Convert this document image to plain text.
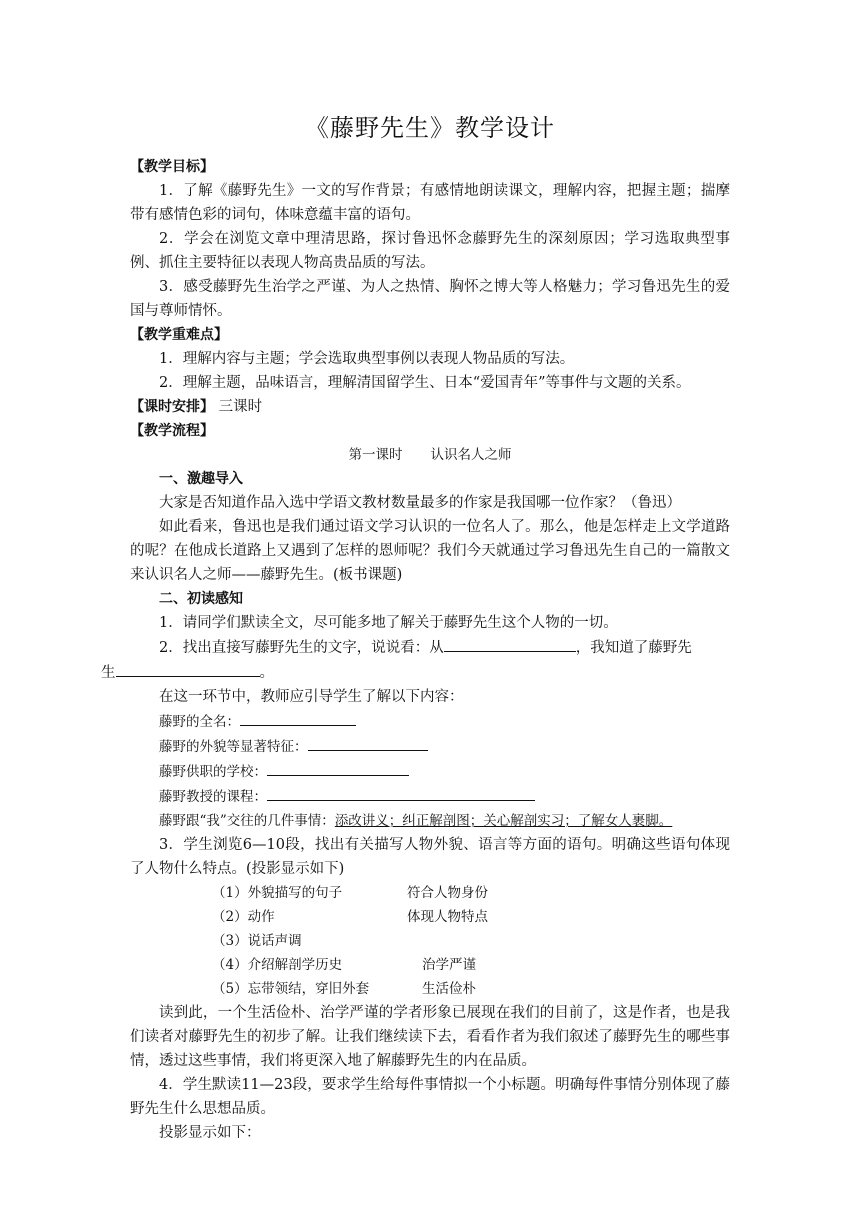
《藤野先生》教学设计

【教学目标】

1．了解《藤野先生》一文的写作背景；有感情地朗读课文，理解内容，把握主题；揣摩带有感情色彩的词句，体味意蕴丰富的语句。

2．学会在浏览文章中理清思路，探讨鲁迅怀念藤野先生的深刻原因；学习选取典型事例、抓住主要特征以表现人物高贵品质的写法。

3．感受藤野先生治学之严谨、为人之热情、胸怀之博大等人格魅力；学习鲁迅先生的爱国与尊师情怀。

【教学重难点】

1．理解内容与主题；学会选取典型事例以表现人物品质的写法。

2．理解主题，品味语言，理解清国留学生、日本“爱国青年”等事件与文题的关系。

【课时安排】 三课时

【教学流程】

第一课时 认识名人之师

一、激趣导入

大家是否知道作品入选中学语文教材数量最多的作家是我国哪一位作家？（鲁迅）

如此看来，鲁迅也是我们通过语文学习认识的一位名人了。那么，他是怎样走上文学道路的呢？在他成长道路上又遇到了怎样的恩师呢？我们今天就通过学习鲁迅先生自己的一篇散文来认识名人之师——藤野先生。(板书课题)

二、初读感知

1．请同学们默读全文，尽可能多地了解关于藤野先生这个人物的一切。

2．找出直接写藤野先生的文字，说说看：从	，我知道了藤野先
生	。

在这一环节中，教师应引导学生了解以下内容：

藤野的全名：

藤野的外貌等显著特征：

藤野供职的学校：

藤野教授的课程：

藤野跟“我”交往的几件事情：添改讲义；纠正解剖图；关心解剖实习；了解女人裹脚。

3．学生浏览6—10段，找出有关描写人物外貌、语言等方面的语句。明确这些语句体现了人物什么特点。(投影显示如下)

（1）外貌描写的句子	符合人物身份
（2）动作	体现人物特点
（3）说话声调
（4）介绍解剖学历史	治学严谨
（5）忘带领结，穿旧外套	生活俭朴

读到此，一个生活俭朴、治学严谨的学者形象已展现在我们的目前了，这是作者，也是我们读者对藤野先生的初步了解。让我们继续读下去，看看作者为我们叙述了藤野先生的哪些事情，透过这些事情，我们将更深入地了解藤野先生的内在品质。

4．学生默读11—23段，要求学生给每件事情拟一个小标题。明确每件事情分别体现了藤野先生什么思想品质。

投影显示如下：
